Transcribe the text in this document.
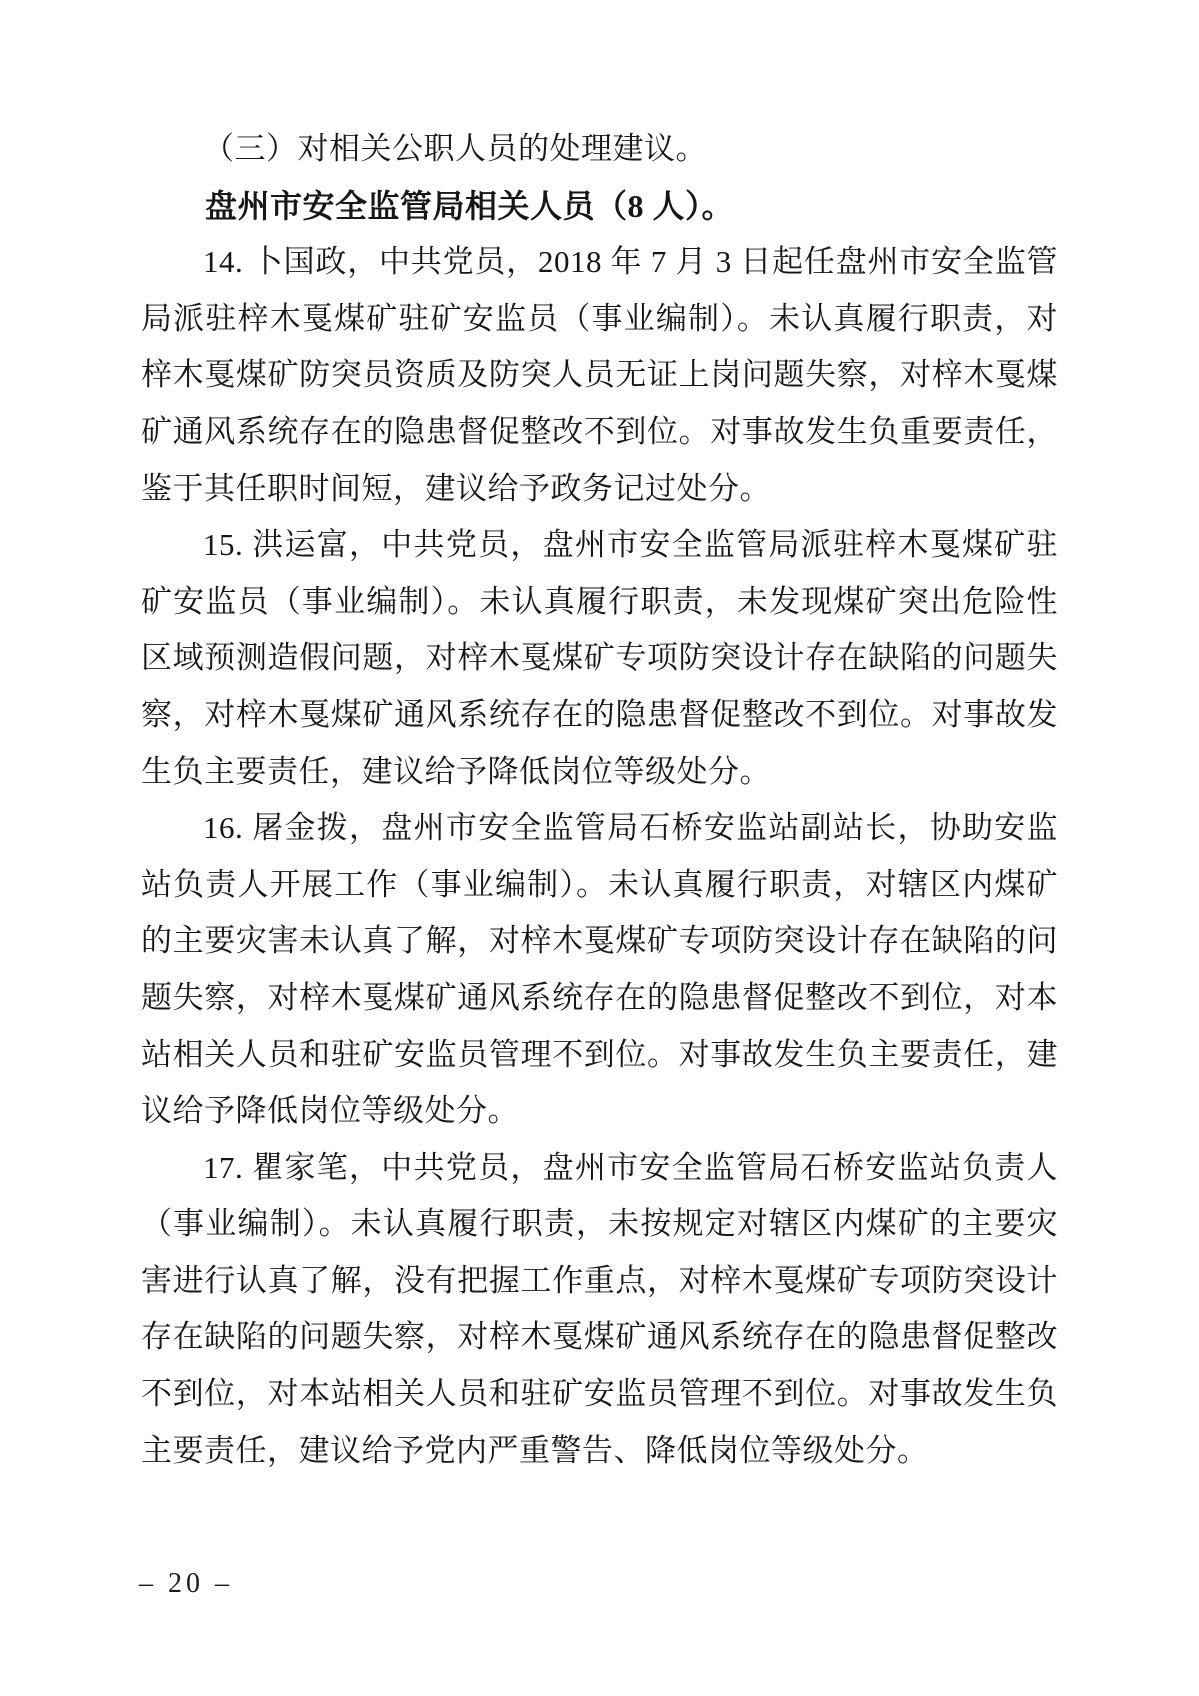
（三）对相关公职人员的处理建议。

盘州市安全监管局相关人员（8 人）。

14. 卜国政，中共党员，2018 年 7 月 3 日起任盘州市安全监管局派驻梓木戛煤矿驻矿安监员（事业编制）。未认真履行职责，对梓木戛煤矿防突员资质及防突人员无证上岗问题失察，对梓木戛煤矿通风系统存在的隐患督促整改不到位。对事故发生负重要责任，鉴于其任职时间短，建议给予政务记过处分。

15. 洪运富，中共党员，盘州市安全监管局派驻梓木戛煤矿驻矿安监员（事业编制）。未认真履行职责，未发现煤矿突出危险性区域预测造假问题，对梓木戛煤矿专项防突设计存在缺陷的问题失察，对梓木戛煤矿通风系统存在的隐患督促整改不到位。对事故发生负主要责任，建议给予降低岗位等级处分。

16. 屠金拨，盘州市安全监管局石桥安监站副站长，协助安监站负责人开展工作（事业编制）。未认真履行职责，对辖区内煤矿的主要灾害未认真了解，对梓木戛煤矿专项防突设计存在缺陷的问题失察，对梓木戛煤矿通风系统存在的隐患督促整改不到位，对本站相关人员和驻矿安监员管理不到位。对事故发生负主要责任，建议给予降低岗位等级处分。

17. 瞿家笔，中共党员，盘州市安全监管局石桥安监站负责人（事业编制）。未认真履行职责，未按规定对辖区内煤矿的主要灾害进行认真了解，没有把握工作重点，对梓木戛煤矿专项防突设计存在缺陷的问题失察，对梓木戛煤矿通风系统存在的隐患督促整改不到位，对本站相关人员和驻矿安监员管理不到位。对事故发生负主要责任，建议给予党内严重警告、降低岗位等级处分。

– 20 –
